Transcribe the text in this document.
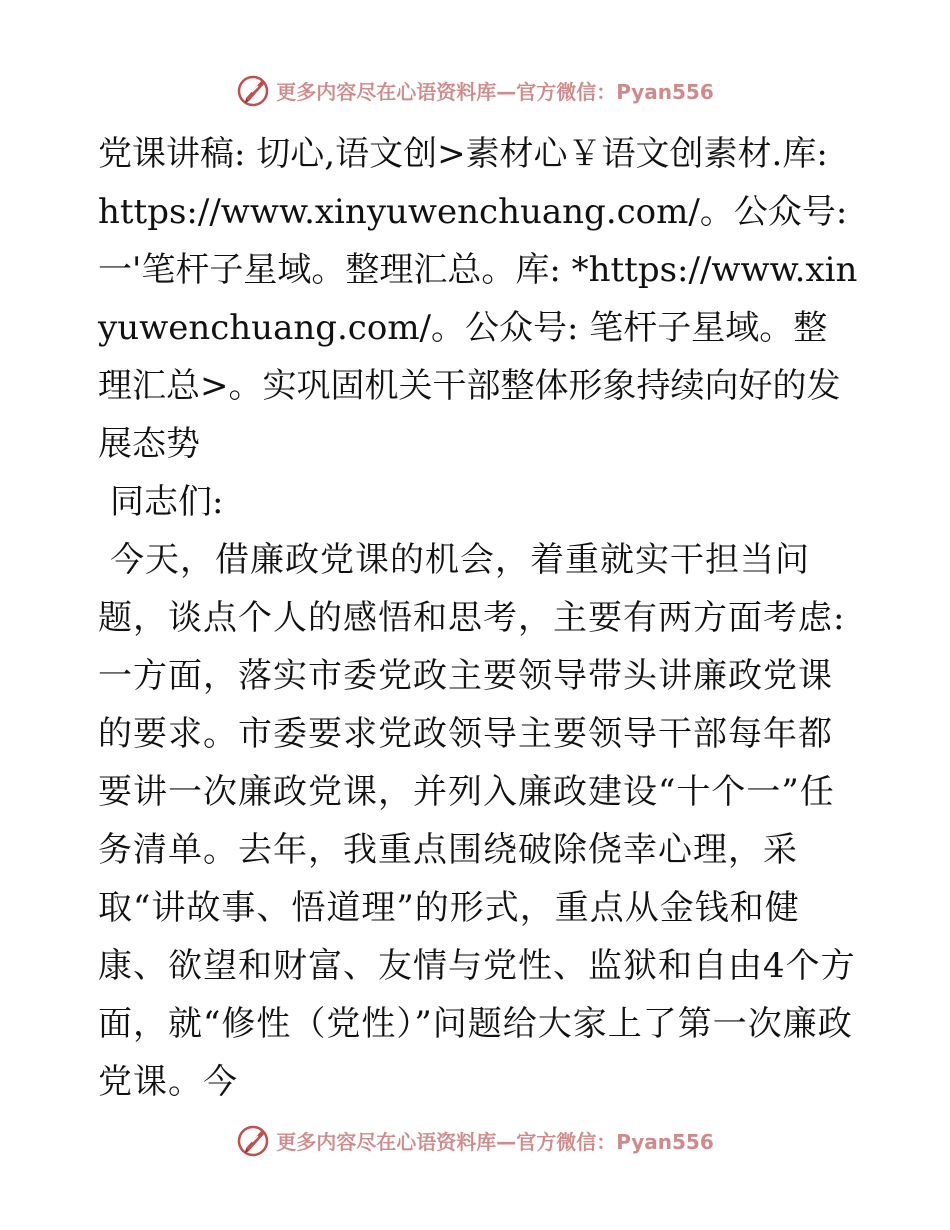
更多内容尽在心语资料库—官方微信：Pyan556

党课讲稿: 切心,语文创>素材心￥语文创素材.库: https://www.xinyuwenchuang.com/。公众号: 一'笔杆子星域。整理汇总。库: *https://www.xinyuwenchuang.com/。公众号: 笔杆子星域。整理汇总>。实巩固机关干部整体形象持续向好的发展态势

同志们:

今天，借廉政党课的机会，着重就实干担当问题，谈点个人的感悟和思考，主要有两方面考虑:一方面，落实市委党政主要领导带头讲廉政党课的要求。市委要求党政领导主要领导干部每年都要讲一次廉政党课，并列入廉政建设“十个一”任务清单。去年，我重点围绕破除侥幸心理，采取“讲故事、悟道理”的形式，重点从金钱和健康、欲望和财富、友情与党性、监狱和自由4个方面，就“修性（党性）”问题给大家上了第一次廉政党课。今

更多内容尽在心语资料库—官方微信：Pyan556
